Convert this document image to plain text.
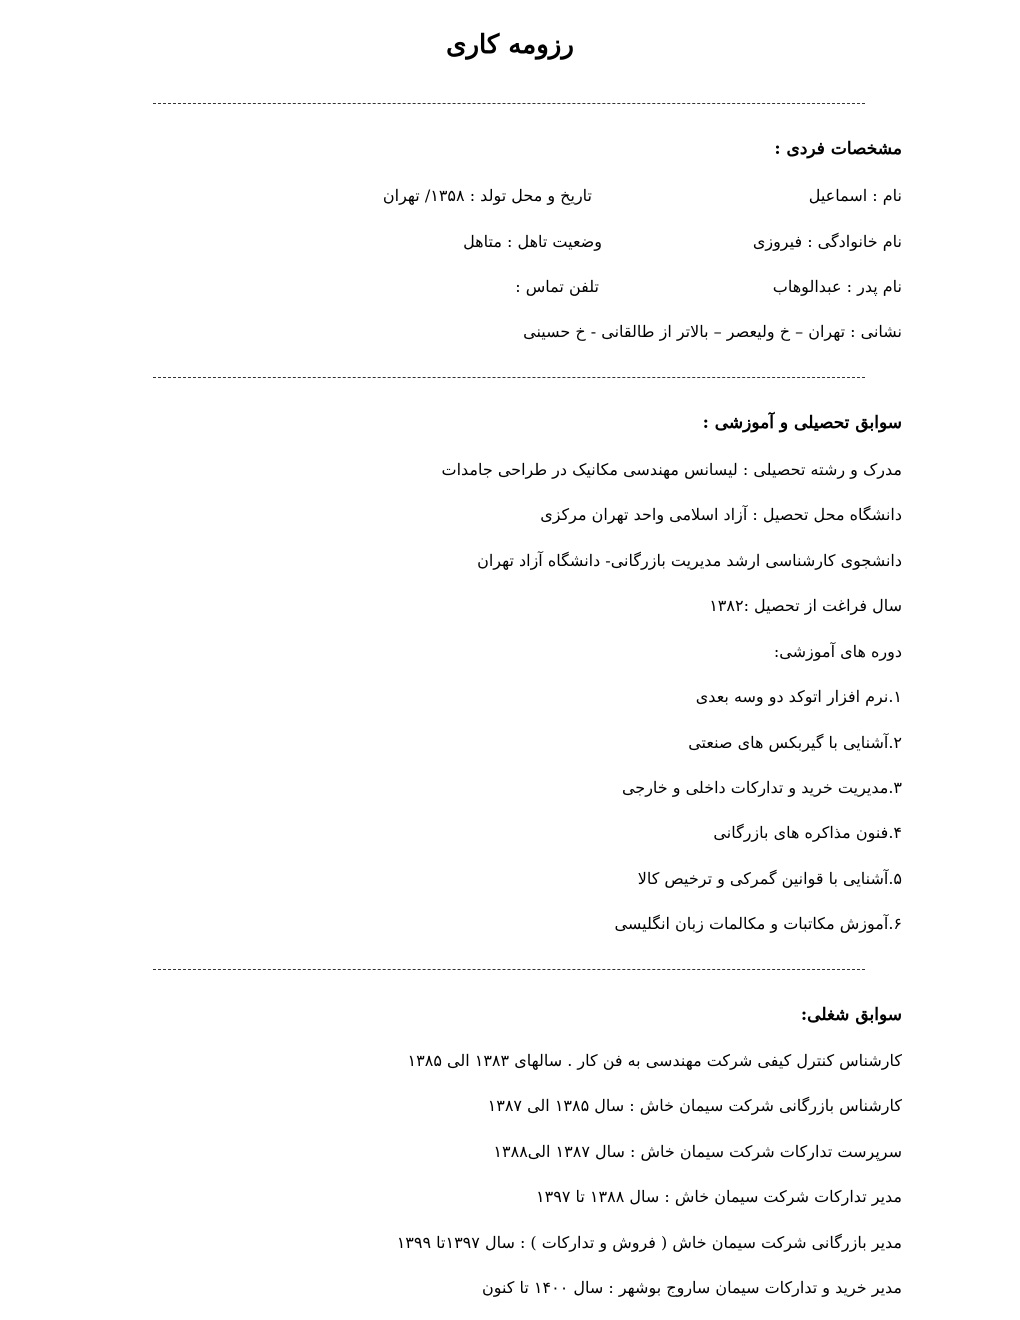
رزومه کاری
مشخصات فردی :
نام : اسماعیل
تاریخ و محل تولد : ۱۳۵۸/ تهران
نام خانوادگی : فیروزی
وضعیت تاهل : متاهل
نام پدر : عبدالوهاب
تلفن تماس :
نشانی : تهران – خ ولیعصر – بالاتر از طالقانی - خ حسینی
سوابق تحصیلی و آموزشی :
مدرک و رشته تحصیلی : لیسانس مهندسی مکانیک در طراحی جامدات
دانشگاه محل تحصیل : آزاد اسلامی واحد تهران مرکزی
دانشجوی کارشناسی ارشد مدیریت بازرگانی- دانشگاه آزاد تهران
سال فراغت از تحصیل :۱۳۸۲
دوره های آموزشی:
۱.نرم افزار اتوکد دو وسه بعدی
۲.آشنایی با گیربکس های صنعتی
۳.مدیریت خرید و تدارکات داخلی و خارجی
۴.فنون مذاکره های بازرگانی
۵.آشنایی با قوانین گمرکی و ترخیص کالا
۶.آموزش مکاتبات و مکالمات زبان انگلیسی
سوابق شغلی:
کارشناس کنترل کیفی شرکت مهندسی به فن کار . سالهای ۱۳۸۳ الی ۱۳۸۵
کارشناس بازرگانی شرکت سیمان خاش : سال ۱۳۸۵ الی ۱۳۸۷
سرپرست تدارکات شرکت سیمان خاش : سال ۱۳۸۷ الی۱۳۸۸
مدیر تدارکات شرکت سیمان خاش : سال ۱۳۸۸ تا ۱۳۹۷
مدیر بازرگانی شرکت سیمان خاش ( فروش و تدارکات ) : سال ۱۳۹۷تا ۱۳۹۹
مدیر خرید و تدارکات سیمان ساروج بوشهر : سال ۱۴۰۰ تا کنون
